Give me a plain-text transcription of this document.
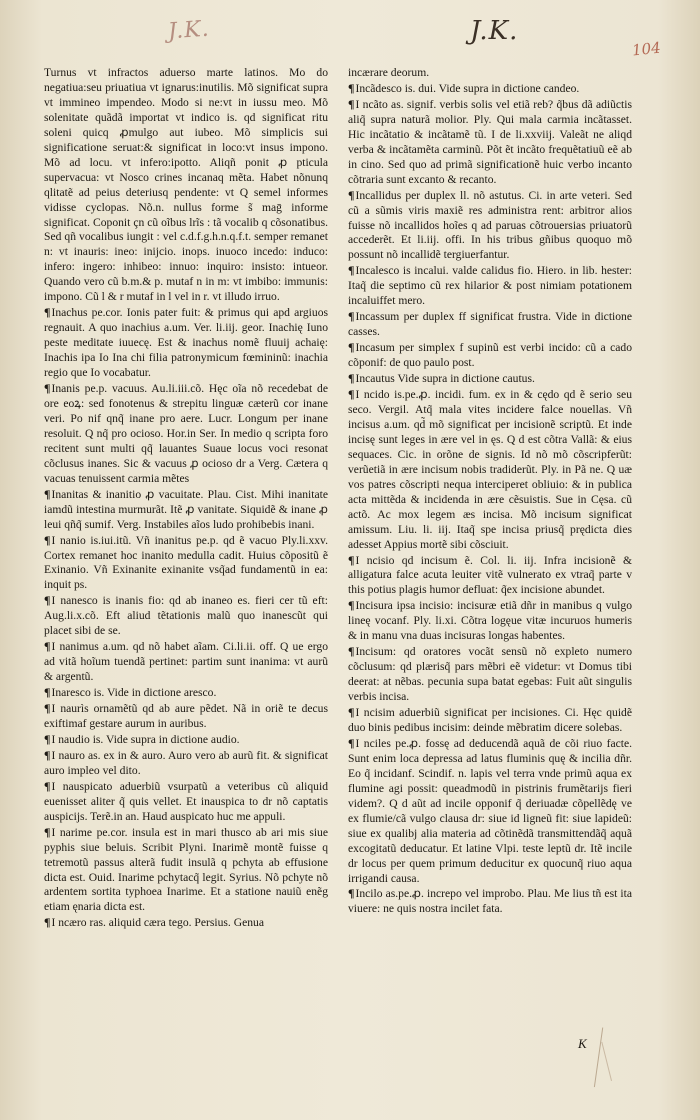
J.K.	J.K.
104

Turnus vt infractos aduerso marte latinos. Mo do negatiua:seu priuatiua vt ignarus:inutilis. Mõ significat supra vt immineo impendeo. Modo si ne:vt in iussu meo. Mõ solenitate quãdã importat vt indico is. qd significat ritu soleni quicq ꝓmulgo aut iubeo. Mõ simplicis sui significatione seruat:& significat in loco:vt insus impono. Mõ ad locu. vt infero:ipotto. Aliqñ ponit ꝓ pticula supervacua: vt Nosco crines incanaq mẽta. Habet nõnunq qlitatẽ ad peius deteriusq pendente: vt Q semel informes vidisse cyclopas. Nõ.n. nullus forme s̃ maḡ informe significat. Coponit çn cũ oĩbus lrĩs : tã vocalib q cõsonatibus. Sed qñ vocalibus iungit : vel c.d.f.g.h.n.q.f.t. semper remanet n: vt inauris: ineo: inijcio. inops. inuoco incedo: induco: infero: ingero: inhibeo: innuo: inquiro: insisto: intueor. Quando vero cũ b.m.& p. mutaf n in m: vt imbibo: immunis: impono. Cũ l & r mutaf in l vel in r. vt illudo irruo.

¶Inachus pe.cor. Ionis pater fuit: & primus qui apd argiuos regnauit. A quo inachius a.um. Ver. li.iij. geor. Inachię Iuno peste meditate iuuecę. Est & inachus nomẽ fluuij achaię: Inachis ipa Io Ina chi filia patronymicum fœmininũ: inachia regio que Io vocabatur.

¶Inanis pe.p. vacuus. Au.li.iii.cõ. Hęc oĩa nõ recedebat de ore eoꝝ: sed fonotenus & strepitu linguæ cæterũ cor inane veri. Po nif qnq̃ inane pro aere. Lucr. Longum per inane resoluit. Q nq̃ pro ocioso. Hor.in Ser. In medio q scripta foro recitent sunt multi qq̃ lauantes Suaue locus voci resonat cõclusus inanes. Sic & vacuus ꝓ ocioso dr a Verg. Cætera q vacuas tenuissent carmia mẽtes

¶Inanitas & inanitio ꝓ vacuitate. Plau. Cist. Mihi inanitate iamdũ intestina murmurãt. Itẽ ꝓ vanitate. Siquidẽ & inane ꝓ leui qñq̃ sumif. Verg. Instabiles aĩos ludo prohibebis inani.

¶I nanio is.iui.itũ. Vñ inanitus pe.p. qd ẽ vacuo Ply.li.xxv. Cortex remanet hoc inanito medulla cadit. Huius cõpositũ ẽ Exinanio. Vñ Exinanite exinanite vsq̃ad fundamentũ in ea: inquit ps.

¶I nanesco is inanis fio: qd ab inaneo es. fieri cer tũ eft: Aug.li.x.cõ. Eft aliud tẽtationis malũ quo inanescũt qui placet sibi de se.

¶I nanimus a.um. qd nõ habet aĩam. Ci.li.ii. off. Q ue ergo ad vitã hoĩum tuendã pertinet: partim sunt inanima: vt aurũ & argentũ.

¶Inarescо is. Vide in dictione aresco.

¶I naurìs ornamẽtũ qd ab aure pẽdet. Nã in oriẽ te decus exiftimaf gestare aurum in auribus.

¶I naudio is. Vide supra in dictione audio.

¶I nauro as. ex in & auro. Auro vero ab aurũ fit. & significat auro impleo vel dito.

¶I nauspicato aduerbiũ vsurpatũ a veteribus cũ aliquid euenisset aliter q̃ quis vellet. Et inauspica to dr nõ captatis auspicijs. Terẽ.in an. Haud auspicato huc me appuli.

¶I narime pe.cor. insula est in mari thusco ab ari mis siue pyphis siue beluis. Scribit Plyni. Inarimẽ montẽ fuisse q tetremotũ passus alterã fudit insulã q pchyta ab effusione dicta est. Ouid. Inarime pchytacq̃ legit. Syrius. Nõ pchyte nõ ardentem sortita typhoea Inarime. Et a statione nauiũ enẽg etiam ęnaria dicta est.

¶I ncæro ras. aliquid cæra tego. Persius. Genua

incærare deorum.

¶Incãdesco is. dui. Vide supra in dictione candeo.

¶I ncãto as. signif. verbis solis vel etiã reb? q̃bus dã adiũctis aliq̃ supra naturã molior. Ply. Qui mala carmia incãtasset. Hic incãtatio & incãtamẽ tũ. I de li.xxviij. Valeãt ne aliqd verba & incãtamẽta carminũ. Põt ẽt incãto frequẽtatiuũ eẽ ab in cino. Sed quo ad primã significationẽ huic verbo incanto cõtraria sunt excanto & recanto.

¶Incallidus per duplex ll. nõ astutus. Ci. in arte veteri. Sed cũ a sũmis viris maxiẽ res administra rent: arbitror alios fuisse nõ incallidos hoĩes q ad paruas cõtrouersias priuatorũ accederẽt. Et li.iij. offi. In his tribus gñibus quoquo mõ possunt nõ incallidẽ tergiuerfantur.

¶Incalesco is incalui. valde calidus fio. Hiero. in lib. hester: Itaq̃ die septimo cũ rex hilarior & post nimiam potationem incaluiffet mero.

¶Incassum per duplex ff significat frustra. Vide in dictione casses.

¶Incasum per simplex f supinũ est verbi incido: cũ a cado cõponif: de quo paulo post.

¶Incautus Vide supra in dictione cautus.

¶I ncido is.pe.ꝓ. incidi. fum. ex in & cędo qd ẽ serio seu seco. Vergil. Atq̃ mala vites incidere falce nouellas. Vñ incisus a.um. qd̃ mõ significat per incisionẽ scriptũ. Et inde incisę sunt leges in ære vel in ęs. Q d est cõtra Vallã: & eius sequaces. Cic. in orõne de signis. Id nõ mõ cõscripferũt: verũetiã in ære incisum nobis tradiderũt. Ply. in Pã ne. Q uæ vos patres cõscripti nequa interciperet obliuio: & in publica acta mittẽda & incidenda in ære cẽsuistis. Sue in Cęsa. cũ actõ. Ac mox legem æs incisa. Mõ incisum significat amissum. Liu. li. iij. Itaq̃ spe incisa priusq̃ prędicta dies adesset Appius mortẽ sibi cõsciuit.

¶I ncisio qd incisum ẽ. Col. li. iij. Infra incisionẽ & alligatura falce acuta leuiter vitẽ vulnerato ex vtraq̃ parte v this potius plagis humor defluat: q̃ex incisione abundet.

¶Incisura ipsa incisio: incisuræ etiã dñr in manibus q vulgo lineę vocanf. Ply. li.xi. Cõtra logęue vitæ incuruos humeris & in manu vna duas incisuras longas habentes.

¶Incisum: qd oratores vocãt sensũ nõ expleto numero cõclusum: qd plærisq̃ pars mẽbri eẽ videtur: vt Domus tibi deerat: at nẽbas. pecunia supa batat egebas: Fuit aũt singulis verbis incisa.

¶I ncisim aduerbiũ significat per incisiones. Ci. Hęc quidẽ duo binis pedibus incisim: deinde mẽbratim dicere solebas.

¶I nciles pe.ꝓ. fossę ad deducendã aquã de cõi riuo facte. Sunt enim loca depressa ad latus fluminis quę & incilia dñr. Eo q̃ incidanf. Scindif. n. lapis vel terra vnde primũ aqua ex flumine agi possit: queadmodũ in pistrinis frumẽtarijs fieri videm?. Q d aũt ad incile opponif q̃ deriuadæ cõpellẽdę ve ex flumie/cã vulgo clausa dr: siue id ligneũ fit: siue lapideũ: siue ex qualibj alia materia ad cõtinẽdã transmittendãq̃ aquã excogitatũ deducatur. Et latine Vlpi. teste leptũ dr. Itẽ incile dr locus per quem primum deducitur ex quocunq̃ riuo aqua irrigandi causa.

¶Incilo as.pe.ꝓ. increpo vel improbo. Plau. Me lius tñ est ita viuere: ne quis nostra incilet fata.

K
